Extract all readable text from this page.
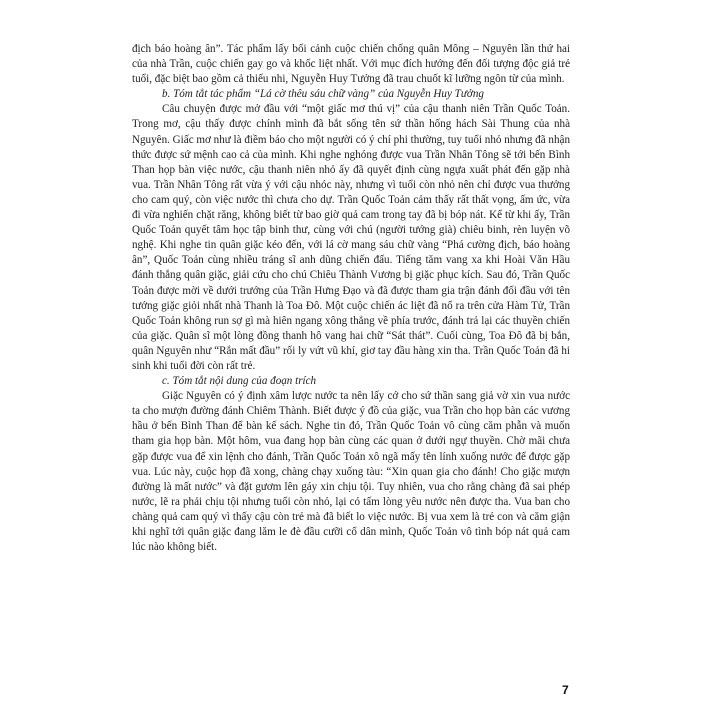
địch báo hoàng ân”. Tác phẩm lấy bối cảnh cuộc chiến chống quân Mông – Nguyên lần thứ hai của nhà Trần, cuộc chiến gay go và khốc liệt nhất. Với mục đích hướng đến đối tượng độc giả trẻ tuổi, đặc biệt bao gồm cả thiếu nhi, Nguyễn Huy Tưởng đã trau chuốt kĩ lưỡng ngôn từ của mình.

b. Tóm tắt tác phẩm “Lá cờ thêu sáu chữ vàng” của Nguyễn Huy Tưởng

Câu chuyện được mở đầu với “một giấc mơ thú vị” của cậu thanh niên Trần Quốc Toản. Trong mơ, cậu thấy được chính mình đã bắt sống tên sứ thần hống hách Sài Thung của nhà Nguyên. Giấc mơ như là điềm báo cho một người có ý chí phi thường, tuy tuổi nhỏ nhưng đã nhận thức được sứ mệnh cao cả của mình. Khi nghe nghóng được vua Trần Nhân Tông sẽ tới bến Bình Than họp bàn việc nước, cậu thanh niên nhỏ ấy đã quyết định cùng ngựa xuất phát đến gặp nhà vua. Trần Nhân Tông rất vừa ý với cậu nhóc này, nhưng vì tuổi còn nhỏ nên chỉ được vua thưởng cho cam quý, còn việc nước thì chưa cho dự. Trần Quốc Toản cảm thấy rất thất vọng, ấm ức, vừa đi vừa nghiến chặt răng, không biết từ bao giờ quả cam trong tay đã bị bóp nát. Kể từ khi ấy, Trần Quốc Toản quyết tâm học tập binh thư, cùng với chú (người tướng già) chiêu binh, rèn luyện võ nghệ. Khi nghe tin quân giặc kéo đến, với lá cờ mang sáu chữ vàng “Phá cường địch, báo hoàng ân”, Quốc Toản cùng nhiều tráng sĩ anh dũng chiến đấu. Tiếng tăm vang xa khi Hoài Văn Hầu đánh thắng quân giặc, giải cứu cho chú Chiêu Thành Vương bị giặc phục kích. Sau đó, Trần Quốc Toản được mời về dưới trướng của Trần Hưng Đạo và đã được tham gia trận đánh đối đầu với tên tướng giặc giỏi nhất nhà Thanh là Toa Đô. Một cuộc chiến ác liệt đã nổ ra trên cửa Hàm Tử, Trần Quốc Toản không run sợ gì mà hiên ngang xông thẳng về phía trước, đánh trả lại các thuyền chiến của giặc. Quân sĩ một lòng đồng thanh hô vang hai chữ “Sát thát”. Cuối cùng, Toa Đô đã bị bắn, quân Nguyên như “Rắn mất đầu” rối ly vứt vũ khí, giơ tay đầu hàng xin tha. Trần Quốc Toản đã hi sinh khi tuổi đời còn rất trẻ.

c. Tóm tắt nội dung của đoạn trích

Giặc Nguyên có ý định xâm lược nước ta nên lấy cớ cho sứ thần sang giả vờ xin vua nước ta cho mượn đường đánh Chiêm Thành. Biết được ý đồ của giặc, vua Trần cho họp bàn các vương hầu ở bến Bình Than để bàn kế sách. Nghe tin đó, Trần Quốc Toản vô cùng căm phẫn và muốn tham gia họp bàn. Một hôm, vua đang họp bàn cùng các quan ở dưới ngự thuyền. Chờ mãi chưa gặp được vua để xin lệnh cho đánh, Trần Quốc Toản xô ngã mấy tên lính xuống nước để được gặp vua. Lúc này, cuộc họp đã xong, chàng chạy xuống tàu: “Xin quan gia cho đánh! Cho giặc mượn đường là mất nước” và đặt gươm lên gáy xin chịu tội. Tuy nhiên, vua cho rằng chàng đã sai phép nước, lẽ ra phải chịu tội nhưng tuổi còn nhỏ, lại có tấm lòng yêu nước nên được tha. Vua ban cho chàng quả cam quý vì thấy cậu còn trẻ mà đã biết lo việc nước. Bị vua xem là trẻ con và căm giận khi nghĩ tới quân giặc đang lăm le đè đầu cưỡi cổ dân mình, Quốc Toản vô tình bóp nát quả cam lúc nào không biết.

7
